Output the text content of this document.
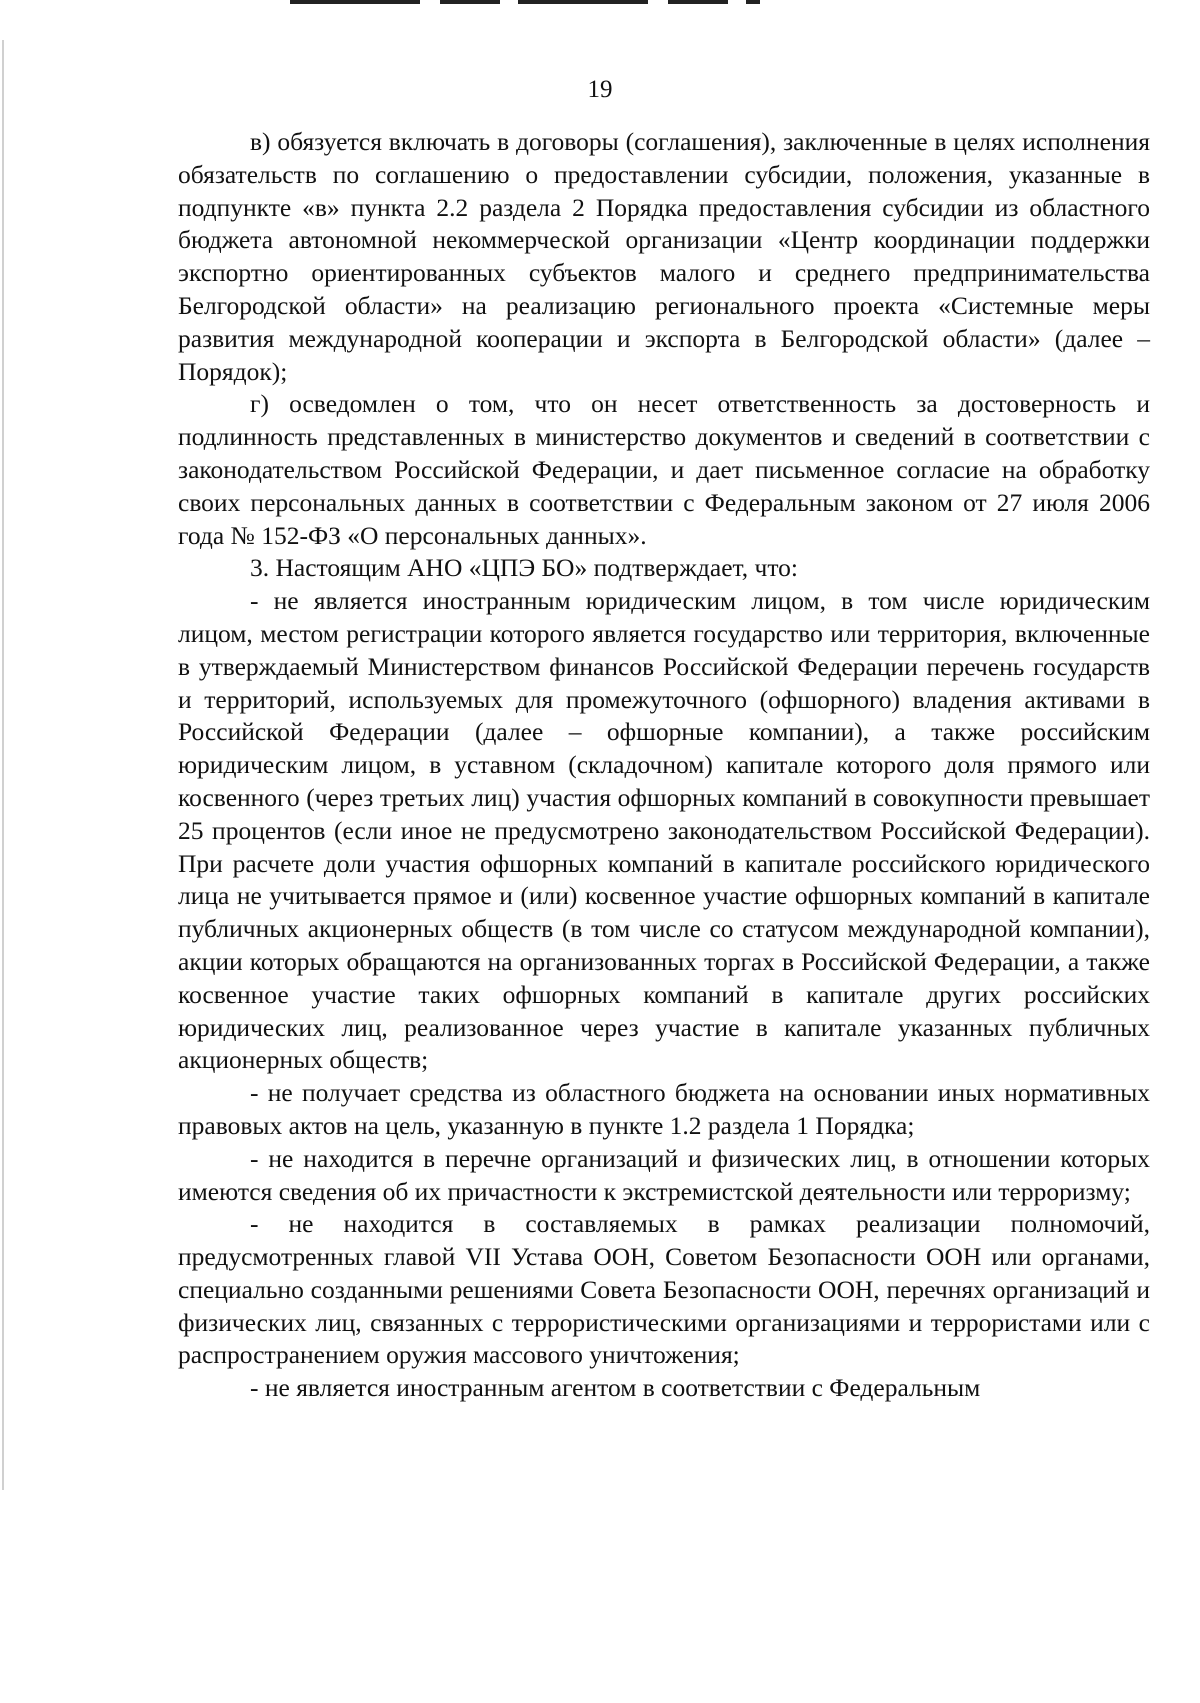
19

в) обязуется включать в договоры (соглашения), заключенные в целях исполнения обязательств по соглашению о предоставлении субсидии, положения, указанные в подпункте «в» пункта 2.2 раздела 2 Порядка предоставления субсидии из областного бюджета автономной некоммерческой организации «Центр координации поддержки экспортно ориентированных субъектов малого и среднего предпринимательства Белгородской области» на реализацию регионального проекта «Системные меры развития международной кооперации и экспорта в Белгородской области» (далее – Порядок);

г) осведомлен о том, что он несет ответственность за достоверность и подлинность представленных в министерство документов и сведений в соответствии с законодательством Российской Федерации, и дает письменное согласие на обработку своих персональных данных в соответствии с Федеральным законом от 27 июля 2006 года № 152-ФЗ «О персональных данных».

3. Настоящим АНО «ЦПЭ БО» подтверждает, что:

- не является иностранным юридическим лицом, в том числе юридическим лицом, местом регистрации которого является государство или территория, включенные в утверждаемый Министерством финансов Российской Федерации перечень государств и территорий, используемых для промежуточного (офшорного) владения активами в Российской Федерации (далее – офшорные компании), а также российским юридическим лицом, в уставном (складочном) капитале которого доля прямого или косвенного (через третьих лиц) участия офшорных компаний в совокупности превышает 25 процентов (если иное не предусмотрено законодательством Российской Федерации). При расчете доли участия офшорных компаний в капитале российского юридического лица не учитывается прямое и (или) косвенное участие офшорных компаний в капитале публичных акционерных обществ (в том числе со статусом международной компании), акции которых обращаются на организованных торгах в Российской Федерации, а также косвенное участие таких офшорных компаний в капитале других российских юридических лиц, реализованное через участие в капитале указанных публичных акционерных обществ;

- не получает средства из областного бюджета на основании иных нормативных правовых актов на цель, указанную в пункте 1.2 раздела 1 Порядка;

- не находится в перечне организаций и физических лиц, в отношении которых имеются сведения об их причастности к экстремистской деятельности или терроризму;

- не находится в составляемых в рамках реализации полномочий, предусмотренных главой VII Устава ООН, Советом Безопасности ООН или органами, специально созданными решениями Совета Безопасности ООН, перечнях организаций и физических лиц, связанных с террористическими организациями и террористами или с распространением оружия массового уничтожения;

- не является иностранным агентом в соответствии с Федеральным
